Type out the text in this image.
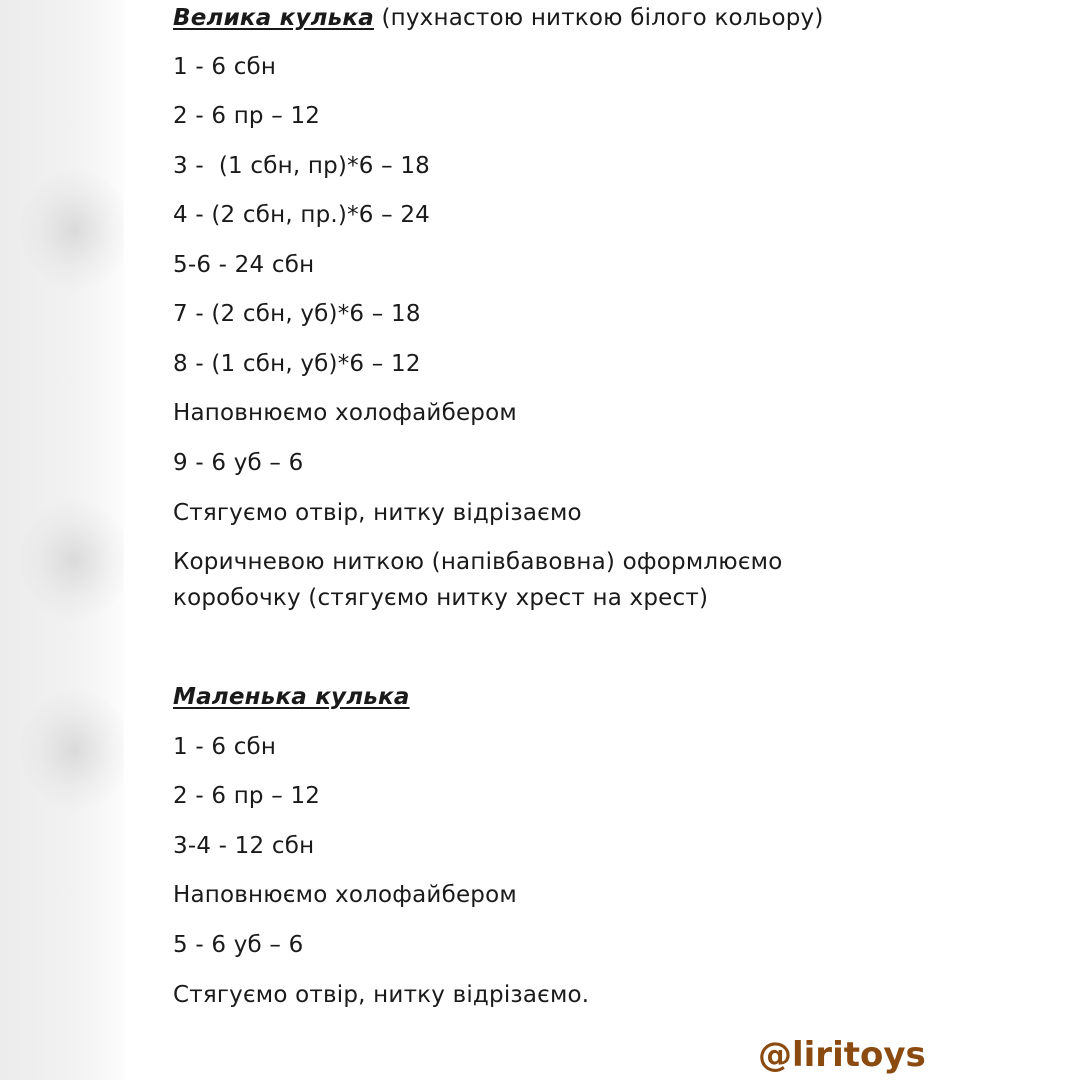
Велика кулька (пухнастою ниткою білого кольору)
1 - 6 сбн
2 - 6 пр – 12
3 -  (1 сбн, пр)*6 – 18
4 - (2 сбн, пр.)*6 – 24
5-6 - 24 сбн
7 - (2 сбн, уб)*6 – 18
8 - (1 сбн, уб)*6 – 12
Наповнюємо холофайбером
9 - 6 уб – 6
Стягуємо отвір, нитку відрізаємо
Коричневою ниткою (напівбавовна) оформлюємо
коробочку (стягуємо нитку хрест на хрест)
Маленька кулька
1 - 6 сбн
2 - 6 пр – 12
3-4 - 12 сбн
Наповнюємо холофайбером
5 - 6 уб – 6
Стягуємо отвір, нитку відрізаємо.
@liritoys
